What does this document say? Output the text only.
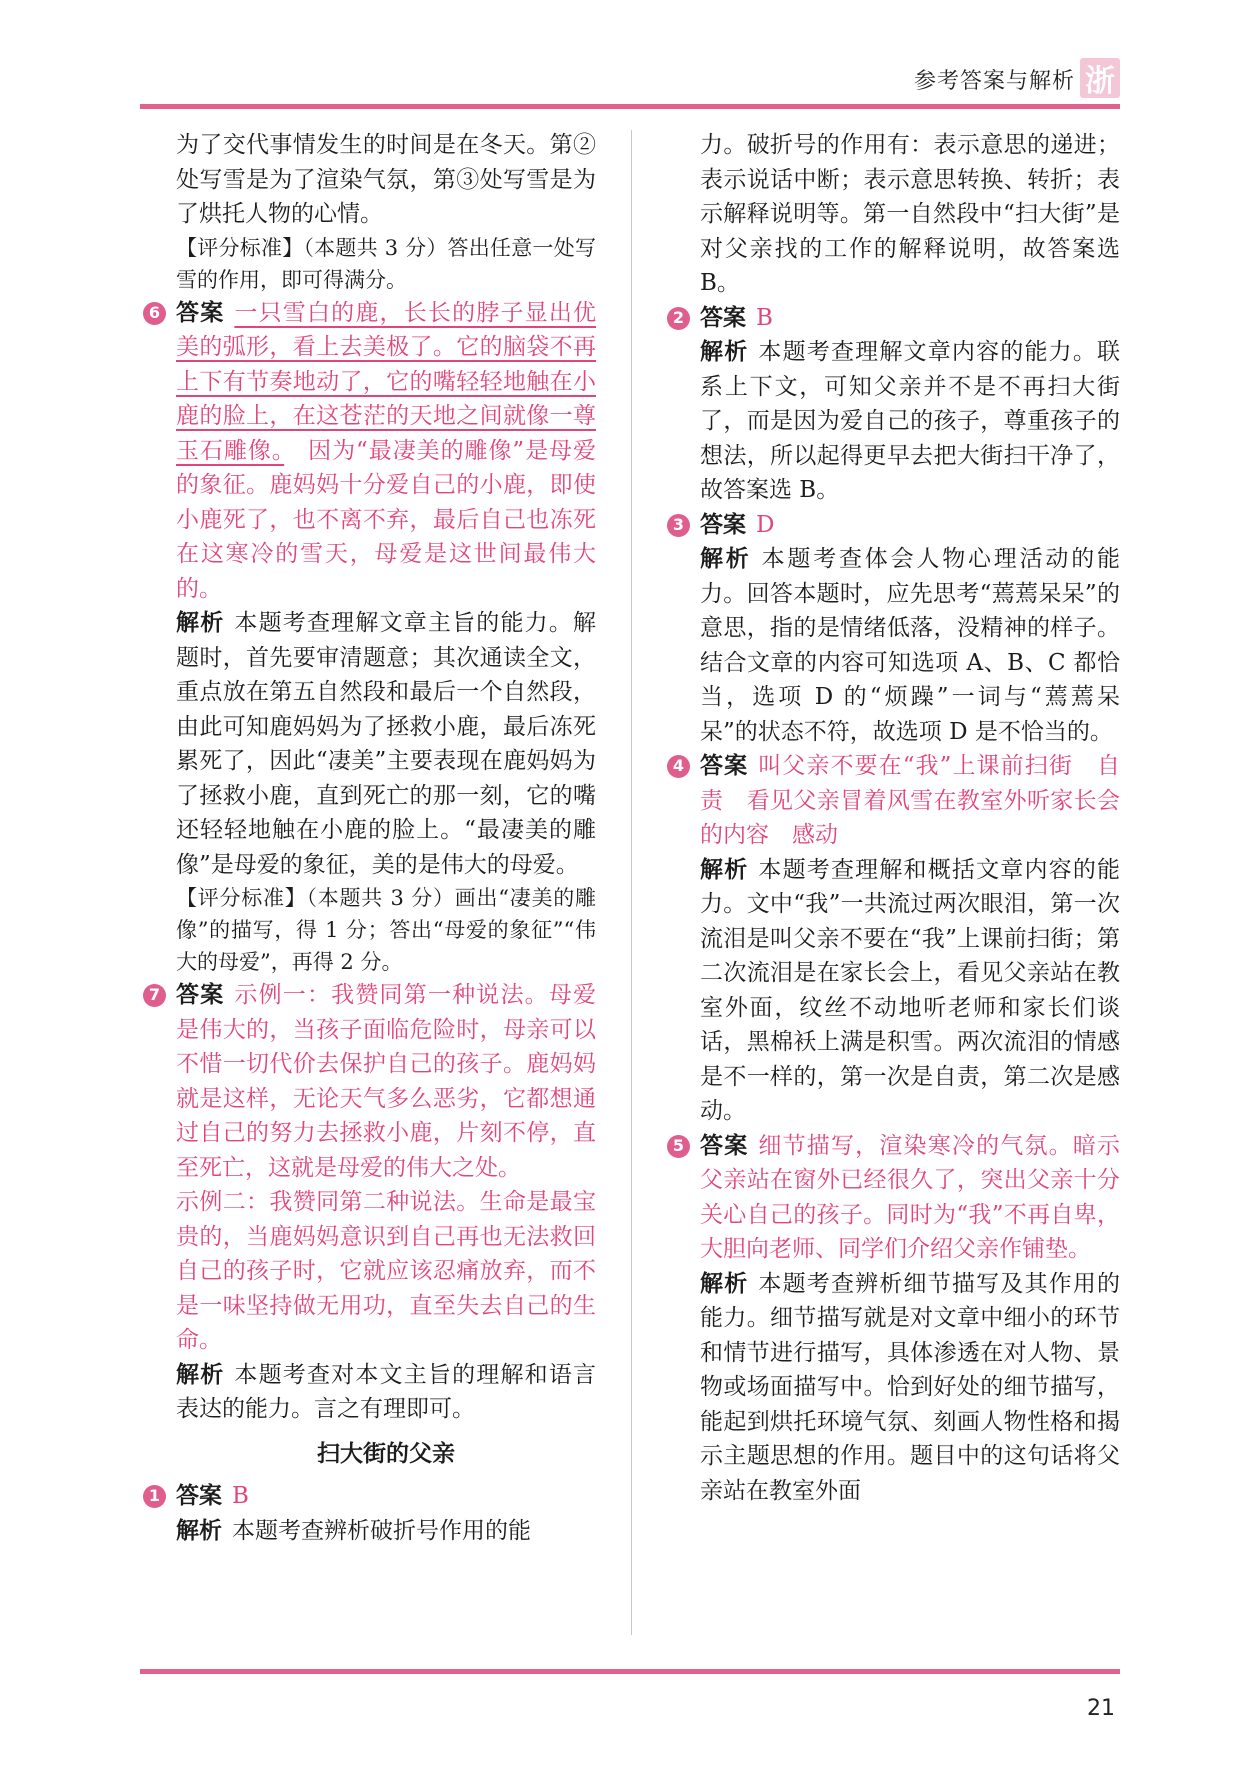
参考答案与解析 浙

为了交代事情发生的时间是在冬天。第②处写雪是为了渲染气氛，第③处写雪是为了烘托人物的心情。

【评分标准】（本题共 3 分）答出任意一处写雪的作用，即可得满分。

6 答案 一只雪白的鹿，长长的脖子显出优美的弧形，看上去美极了。它的脑袋不再上下有节奏地动了，它的嘴轻轻地触在小鹿的脸上，在这苍茫的天地之间就像一尊玉石雕像。　因为“最凄美的雕像”是母爱的象征。鹿妈妈十分爱自己的小鹿，即使小鹿死了，也不离不弃，最后自己也冻死在这寒冷的雪天，母爱是这世间最伟大的。

解析 本题考查理解文章主旨的能力。解题时，首先要审清题意；其次通读全文，重点放在第五自然段和最后一个自然段，由此可知鹿妈妈为了拯救小鹿，最后冻死累死了，因此“凄美”主要表现在鹿妈妈为了拯救小鹿，直到死亡的那一刻，它的嘴还轻轻地触在小鹿的脸上。“最凄美的雕像”是母爱的象征，美的是伟大的母爱。

【评分标准】（本题共 3 分）画出“凄美的雕像”的描写，得 1 分；答出“母爱的象征”“伟大的母爱”，再得 2 分。

7 答案 示例一：我赞同第一种说法。母爱是伟大的，当孩子面临危险时，母亲可以不惜一切代价去保护自己的孩子。鹿妈妈就是这样，无论天气多么恶劣，它都想通过自己的努力去拯救小鹿，片刻不停，直至死亡，这就是母爱的伟大之处。

示例二：我赞同第二种说法。生命是最宝贵的，当鹿妈妈意识到自己再也无法救回自己的孩子时，它就应该忍痛放弃，而不是一味坚持做无用功，直至失去自己的生命。

解析 本题考查对本文主旨的理解和语言表达的能力。言之有理即可。

扫大街的父亲

1 答案 B

解析 本题考查辨析破折号作用的能

力。破折号的作用有：表示意思的递进；表示说话中断；表示意思转换、转折；表示解释说明等。第一自然段中“扫大街”是对父亲找的工作的解释说明，故答案选 B。

2 答案 B

解析 本题考查理解文章内容的能力。联系上下文，可知父亲并不是不再扫大街了，而是因为爱自己的孩子，尊重孩子的想法，所以起得更早去把大街扫干净了，故答案选 B。

3 答案 D

解析 本题考查体会人物心理活动的能力。回答本题时，应先思考“蔫蔫呆呆”的意思，指的是情绪低落，没精神的样子。结合文章的内容可知选项 A、B、C 都恰当，选项 D 的“烦躁”一词与“蔫蔫呆呆”的状态不符，故选项 D 是不恰当的。

4 答案 叫父亲不要在“我”上课前扫街　自责　看见父亲冒着风雪在教室外听家长会的内容　感动

解析 本题考查理解和概括文章内容的能力。文中“我”一共流过两次眼泪，第一次流泪是叫父亲不要在“我”上课前扫街；第二次流泪是在家长会上，看见父亲站在教室外面，纹丝不动地听老师和家长们谈话，黑棉袄上满是积雪。两次流泪的情感是不一样的，第一次是自责，第二次是感动。

5 答案 细节描写，渲染寒冷的气氛。暗示父亲站在窗外已经很久了，突出父亲十分关心自己的孩子。同时为“我”不再自卑，大胆向老师、同学们介绍父亲作铺垫。

解析 本题考查辨析细节描写及其作用的能力。细节描写就是对文章中细小的环节和情节进行描写，具体渗透在对人物、景物或场面描写中。恰到好处的细节描写，能起到烘托环境气氛、刻画人物性格和揭示主题思想的作用。题目中的这句话将父亲站在教室外面

21
